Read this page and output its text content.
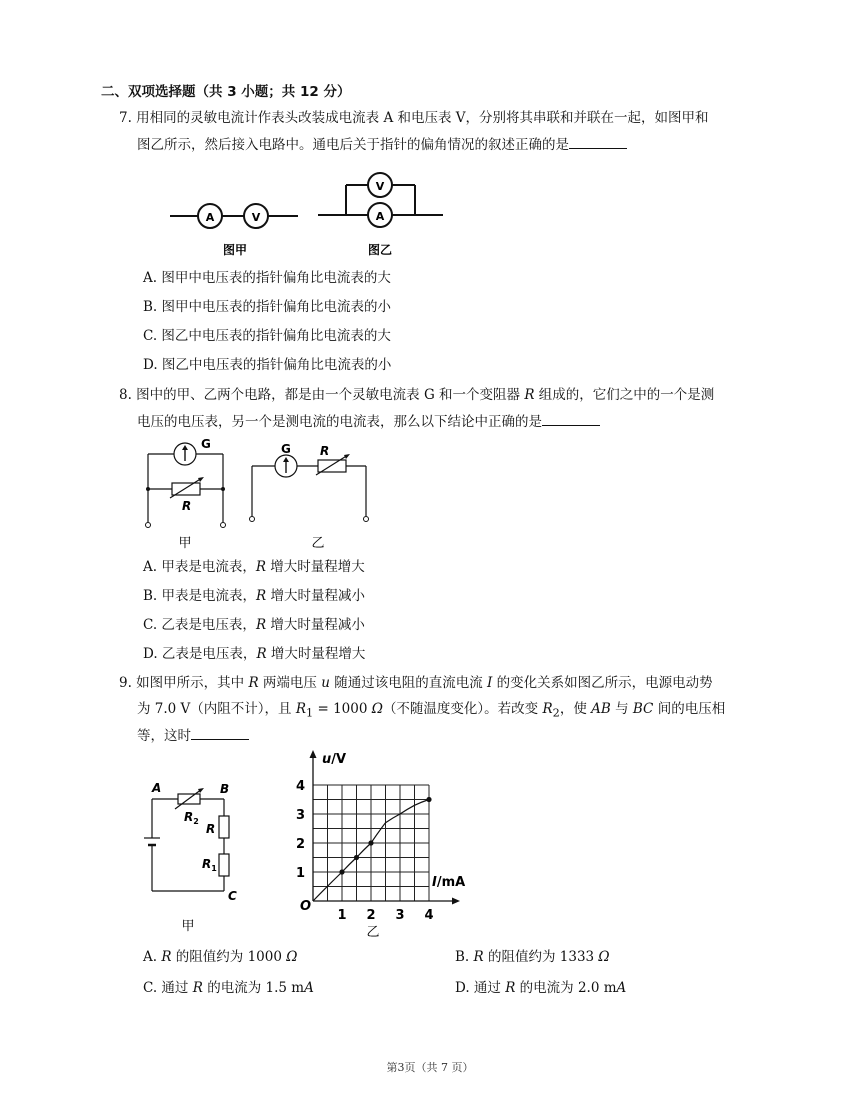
二、双项选择题（共 3 小题；共 12 分）
7. 用相同的灵敏电流计作表头改装成电流表 A 和电压表 V，分别将其串联和并联在一起，如图甲和
图乙所示，然后接入电路中。通电后关于指针的偏角情况的叙述正确的是
A	V
图甲
V
A
图乙
A. 图甲中电压表的指针偏角比电流表的大
B. 图甲中电压表的指针偏角比电流表的小
C. 图乙中电压表的指针偏角比电流表的大
D. 图乙中电压表的指针偏角比电流表的小
8. 图中的甲、乙两个电路，都是由一个灵敏电流表 G 和一个变阻器 R 组成的，它们之中的一个是测
电压的电压表，另一个是测电流的电流表，那么以下结论中正确的是
G
R
甲
G R
乙
A. 甲表是电流表，R 增大时量程增大
B. 甲表是电流表，R 增大时量程减小
C. 乙表是电压表，R 增大时量程减小
D. 乙表是电压表，R 增大时量程增大
9. 如图甲所示，其中 R 两端电压 u 随通过该电阻的直流电流 I 的变化关系如图乙所示，电源电动势
为 7.0 V（内阻不计），且 $R_1 = 1000$ Ω（不随温度变化）。若改变 $R_2$，使 AB 与 BC 间的电压相
等，这时
A	B
C
$R_2$
R
$R_1$
甲
1 2 3 4
1
2
3
4
u/V
I/mA
O
乙
A. R 的阻值约为 1000 Ω	B. R 的阻值约为 1333 Ω
C. 通过 R 的电流为 1.5 mA	D. 通过 R 的电流为 2.0 mA
第3页（共 7 页）
